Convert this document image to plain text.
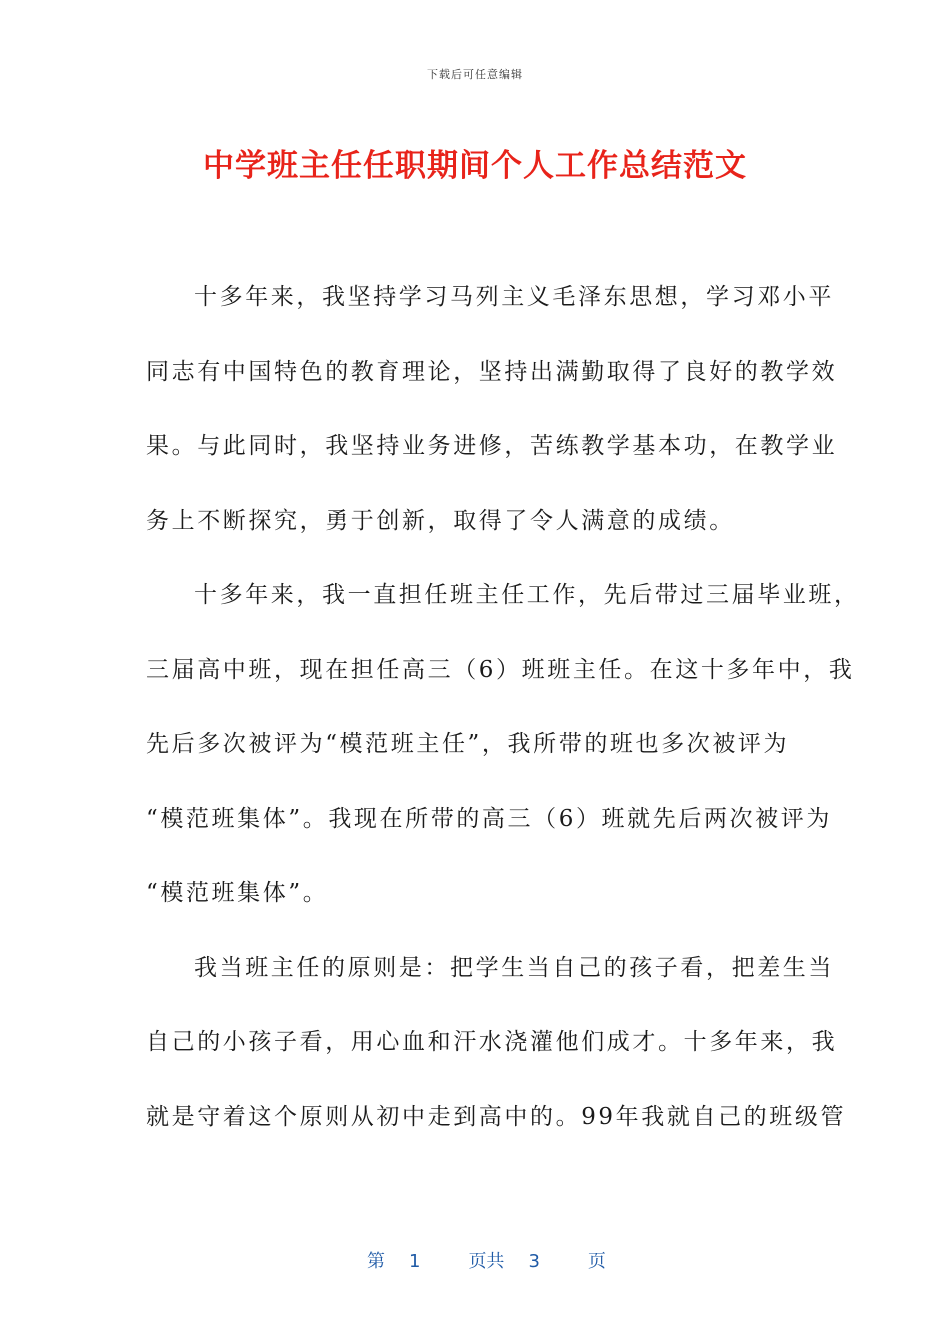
下载后可任意编辑
中学班主任任职期间个人工作总结范文
十多年来，我坚持学习马列主义毛泽东思想，学习邓小平
同志有中国特色的教育理论，坚持出满勤取得了良好的教学效
果。与此同时，我坚持业务进修，苦练教学基本功，在教学业
务上不断探究，勇于创新，取得了令人满意的成绩。
十多年来，我一直担任班主任工作，先后带过三届毕业班，
三届高中班，现在担任高三（6）班班主任。在这十多年中，我
先后多次被评为“模范班主任”，我所带的班也多次被评为
“模范班集体”。我现在所带的高三（6）班就先后两次被评为
“模范班集体”。
我当班主任的原则是：把学生当自己的孩子看，把差生当
自己的小孩子看，用心血和汗水浇灌他们成才。十多年来，我
就是守着这个原则从初中走到高中的。99年我就自己的班级管

第 1	页共 3	页
